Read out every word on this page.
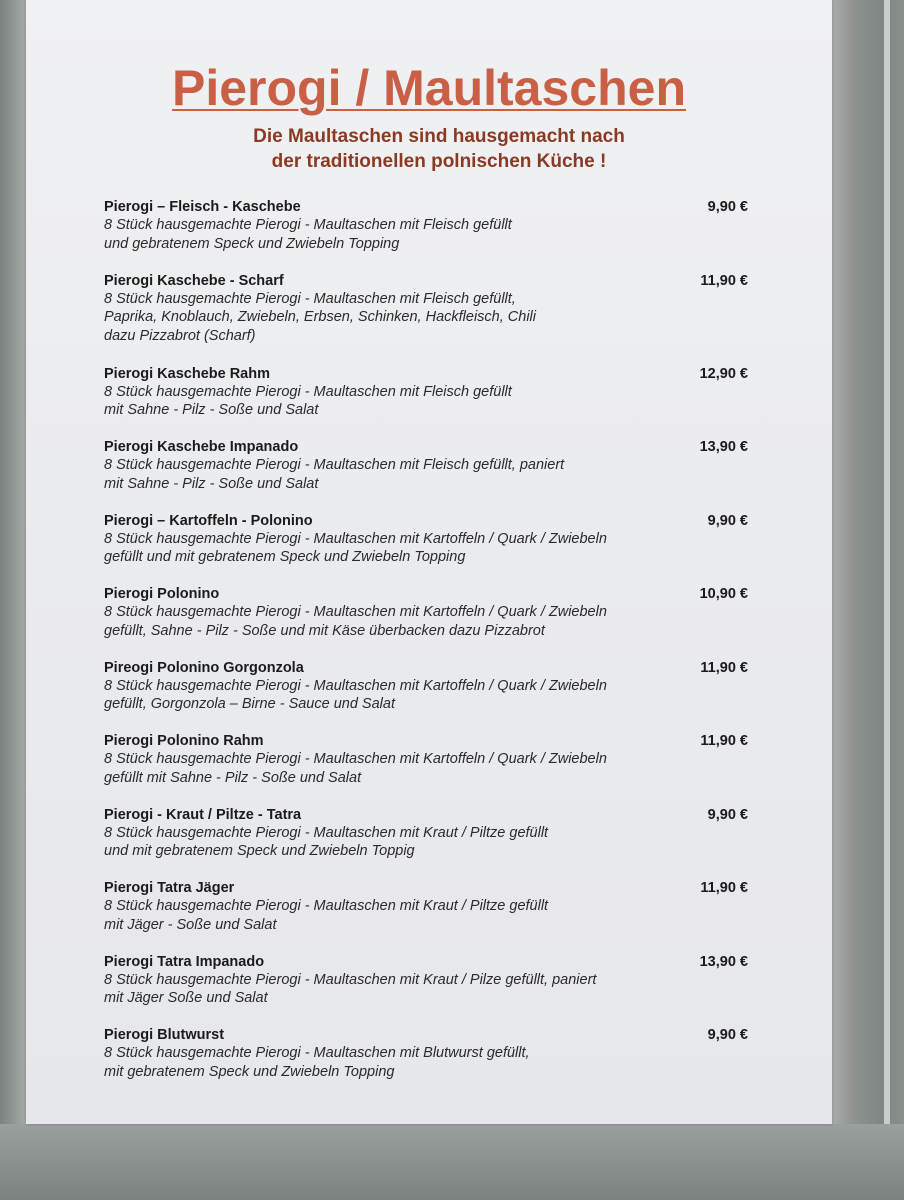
Pierogi / Maultaschen
Die Maultaschen sind hausgemacht nach
der traditionellen polnischen Küche !
Pierogi – Fleisch - Kaschebe
8 Stück hausgemachte Pierogi - Maultaschen mit Fleisch gefüllt
und gebratenem Speck und Zwiebeln Topping
9,90 €
Pierogi Kaschebe - Scharf
8 Stück hausgemachte Pierogi - Maultaschen mit Fleisch gefüllt,
Paprika, Knoblauch, Zwiebeln, Erbsen, Schinken, Hackfleisch, Chili
dazu Pizzabrot (Scharf)
11,90 €
Pierogi Kaschebe Rahm
8 Stück hausgemachte Pierogi - Maultaschen mit Fleisch gefüllt
mit Sahne - Pilz - Soße und Salat
12,90 €
Pierogi Kaschebe Impanado
8 Stück hausgemachte Pierogi - Maultaschen mit Fleisch gefüllt, paniert
mit Sahne - Pilz - Soße und Salat
13,90 €
Pierogi – Kartoffeln - Polonino
8 Stück hausgemachte Pierogi - Maultaschen mit Kartoffeln / Quark / Zwiebeln
gefüllt und mit gebratenem Speck und Zwiebeln Topping
9,90 €
Pierogi Polonino
8 Stück hausgemachte Pierogi - Maultaschen mit Kartoffeln / Quark / Zwiebeln
gefüllt, Sahne - Pilz - Soße und mit Käse überbacken dazu Pizzabrot
10,90 €
Pireogi Polonino Gorgonzola
8 Stück hausgemachte Pierogi - Maultaschen mit Kartoffeln / Quark / Zwiebeln
gefüllt, Gorgonzola – Birne - Sauce und Salat
11,90 €
Pierogi Polonino Rahm
8 Stück hausgemachte Pierogi - Maultaschen mit Kartoffeln / Quark / Zwiebeln
gefüllt mit Sahne - Pilz - Soße und Salat
11,90 €
Pierogi - Kraut / Piltze - Tatra
8 Stück hausgemachte Pierogi - Maultaschen mit Kraut / Piltze gefüllt
und mit gebratenem Speck und Zwiebeln Toppig
9,90 €
Pierogi Tatra Jäger
8 Stück hausgemachte Pierogi - Maultaschen mit Kraut / Piltze gefüllt
mit Jäger - Soße und Salat
11,90 €
Pierogi Tatra Impanado
8 Stück hausgemachte Pierogi - Maultaschen mit Kraut / Pilze gefüllt, paniert
mit Jäger Soße und Salat
13,90 €
Pierogi Blutwurst
8 Stück hausgemachte Pierogi - Maultaschen mit Blutwurst gefüllt,
mit gebratenem Speck und Zwiebeln Topping
9,90 €
